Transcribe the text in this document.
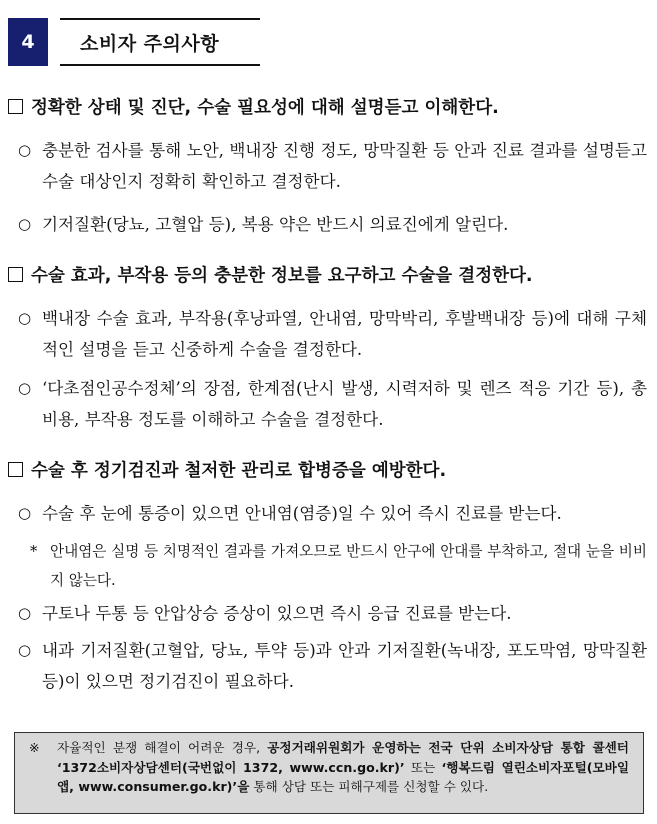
4	소비자 주의사항
정확한 상태 및 진단, 수술 필요성에 대해 설명듣고 이해한다.
○ 충분한 검사를 통해 노안, 백내장 진행 정도, 망막질환 등 안과 진료 결과를 설명듣고 수술 대상인지 정확히 확인하고 결정한다.
○ 기저질환(당뇨, 고혈압 등), 복용 약은 반드시 의료진에게 알린다.
수술 효과, 부작용 등의 충분한 정보를 요구하고 수술을 결정한다.
○ 백내장 수술 효과, 부작용(후낭파열, 안내염, 망막박리, 후발백내장 등)에 대해 구체적인 설명을 듣고 신중하게 수술을 결정한다.
○ ‘다초점인공수정체’의 장점, 한계점(난시 발생, 시력저하 및 렌즈 적응 기간 등), 총 비용, 부작용 정도를 이해하고 수술을 결정한다.
수술 후 정기검진과 철저한 관리로 합병증을 예방한다.
○ 수술 후 눈에 통증이 있으면 안내염(염증)일 수 있어 즉시 진료를 받는다.
* 안내염은 실명 등 치명적인 결과를 가져오므로 반드시 안구에 안대를 부착하고, 절대 눈을 비비지 않는다.
○ 구토나 두통 등 안압상승 증상이 있으면 즉시 응급 진료를 받는다.
○ 내과 기저질환(고혈압, 당뇨, 투약 등)과 안과 기저질환(녹내장, 포도막염, 망막질환 등)이 있으면 정기검진이 필요하다.
※	자율적인 분쟁 해결이 어려운 경우, 공정거래위원회가 운영하는 전국 단위 소비자상담 통합 콜센터 ‘1372소비자상담센터(국번없이 1372, www.ccn.go.kr)’ 또는 ‘행복드림 열린소비자포털(모바일앱, www.consumer.go.kr)’을 통해 상담 또는 피해구제를 신청할 수 있다.
